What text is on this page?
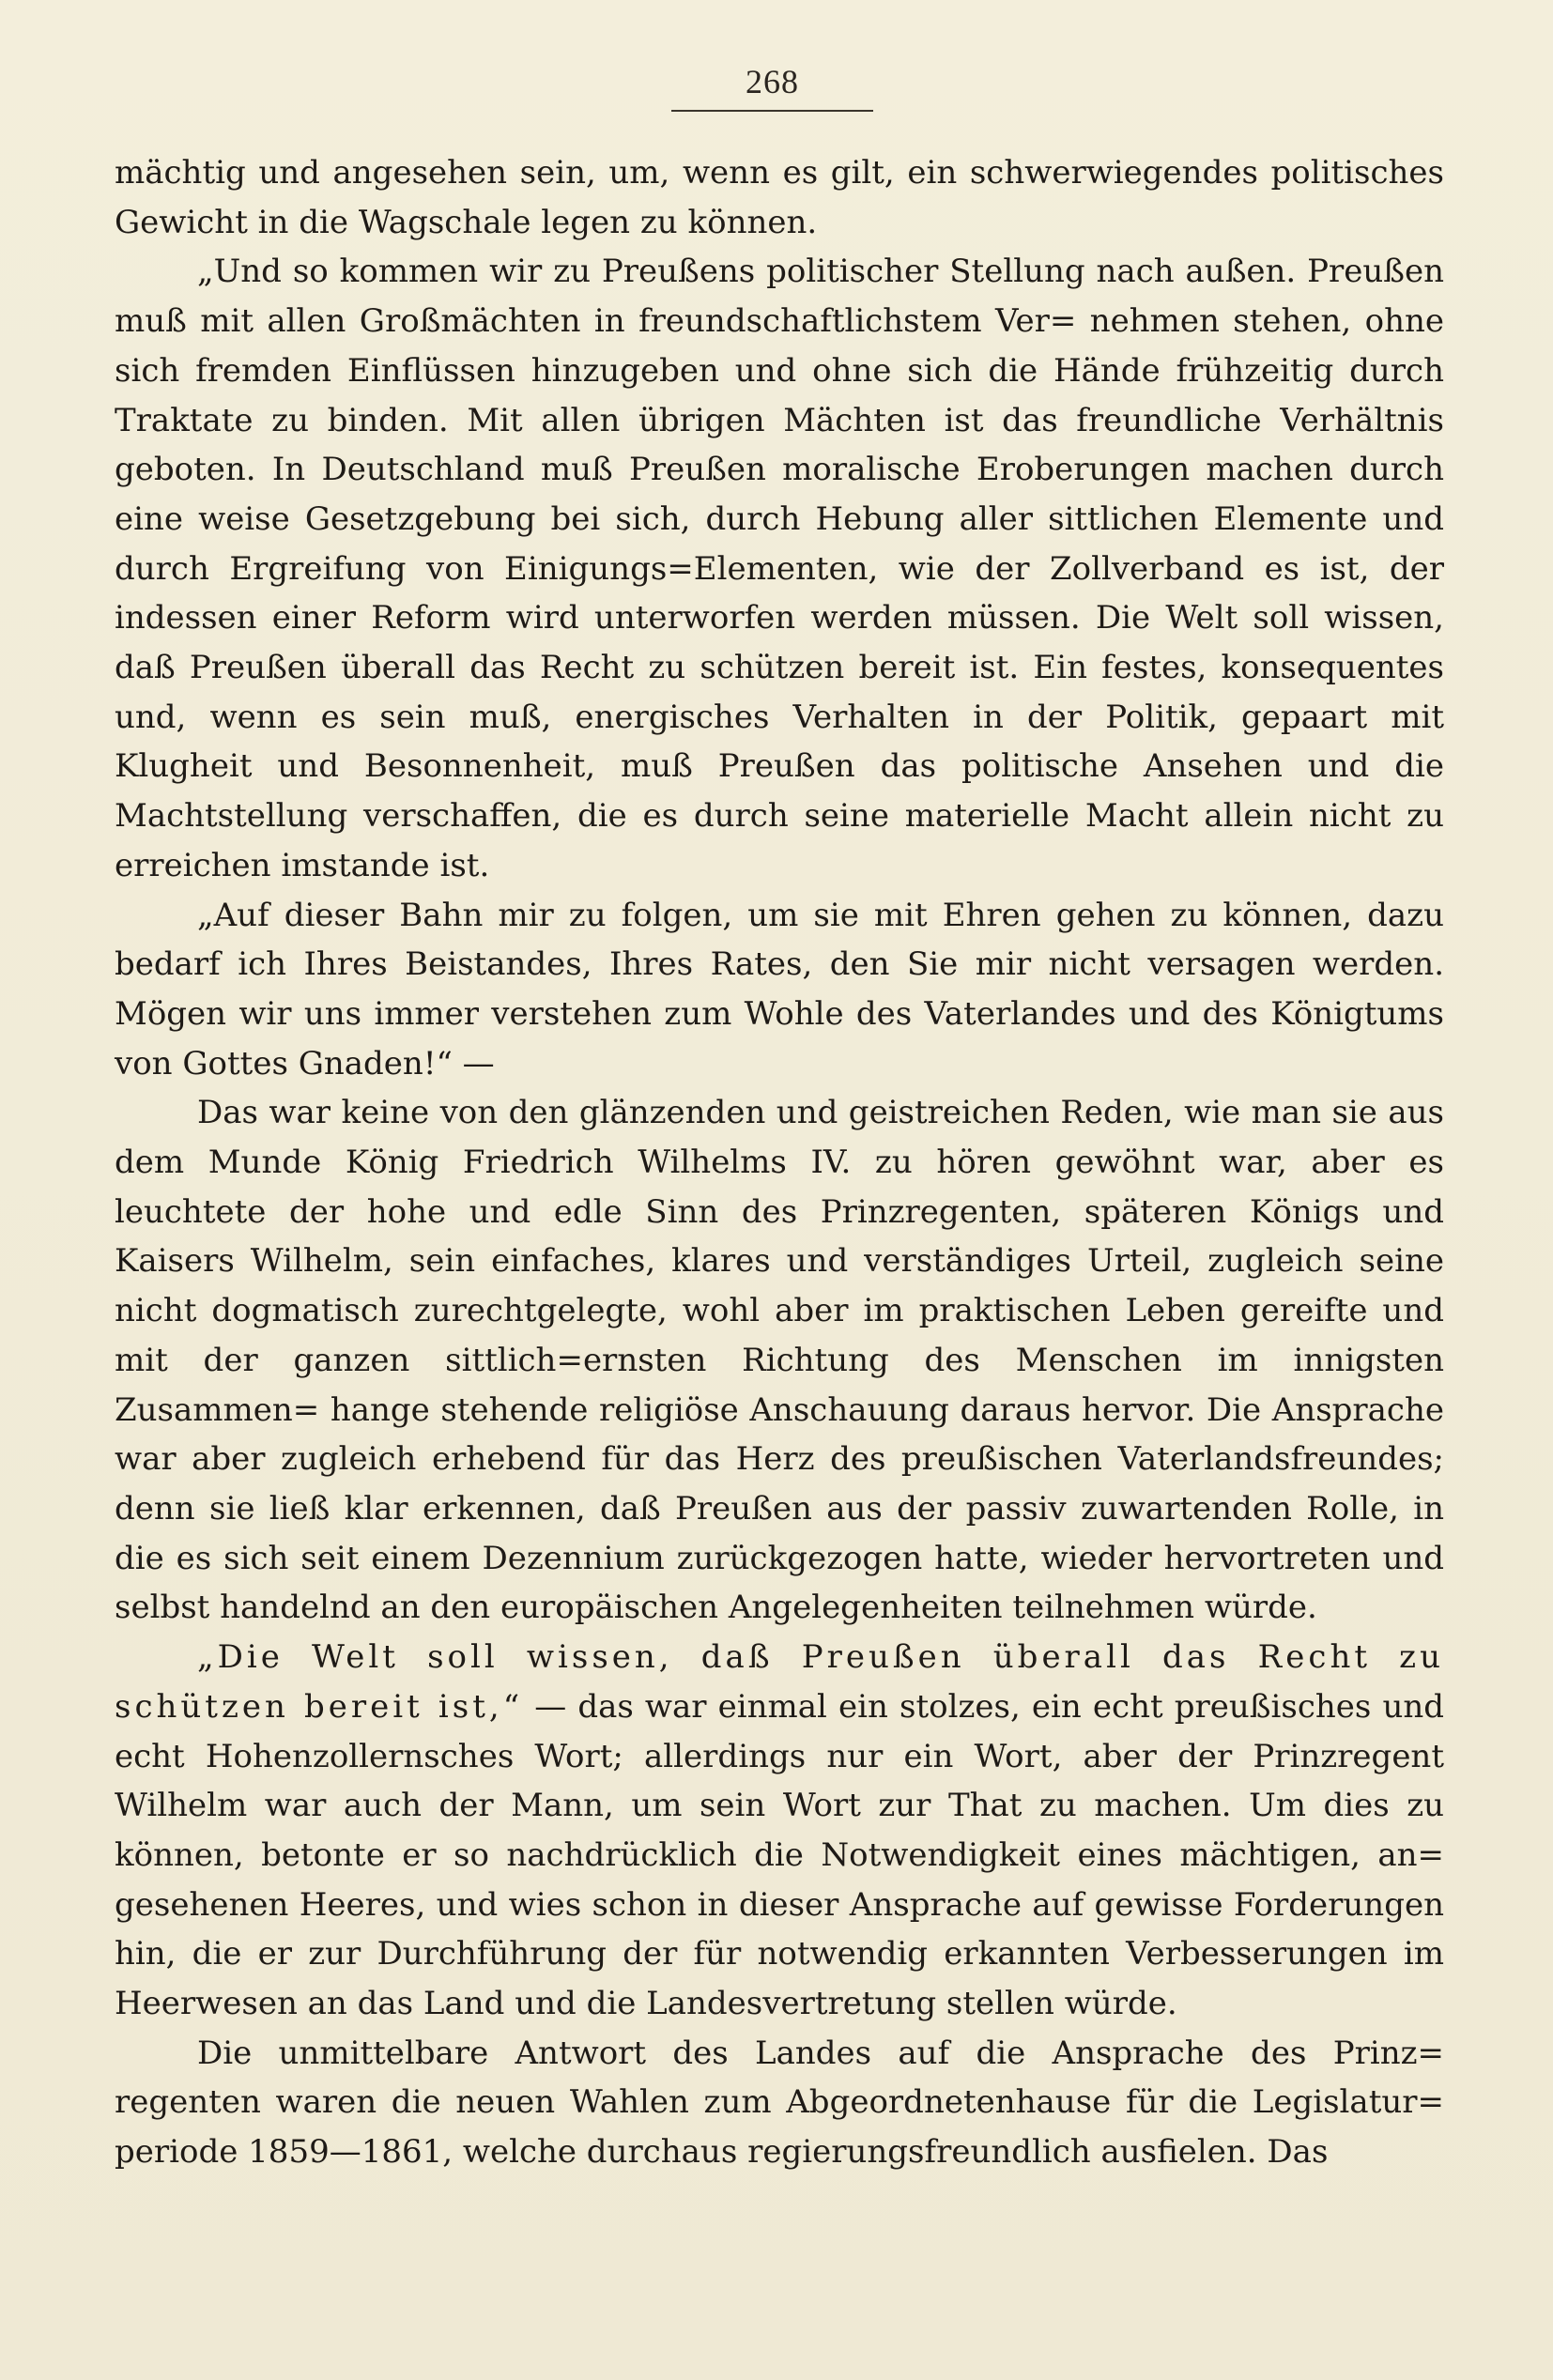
268

mächtig und angesehen sein, um, wenn es gilt, ein schwerwiegendes politisches Gewicht in die Wagschale legen zu können.

„Und so kommen wir zu Preußens politischer Stellung nach außen. Preußen muß mit allen Großmächten in freundschaftlichstem Ver= nehmen stehen, ohne sich fremden Einflüssen hinzugeben und ohne sich die Hände frühzeitig durch Traktate zu binden. Mit allen übrigen Mächten ist das freundliche Verhältnis geboten. In Deutschland muß Preußen moralische Eroberungen machen durch eine weise Gesetzgebung bei sich, durch Hebung aller sittlichen Elemente und durch Ergreifung von Einigungs=Elementen, wie der Zollverband es ist, der indessen einer Reform wird unterworfen werden müssen. Die Welt soll wissen, daß Preußen überall das Recht zu schützen bereit ist. Ein festes, konsequentes und, wenn es sein muß, energisches Verhalten in der Politik, gepaart mit Klugheit und Besonnenheit, muß Preußen das politische Ansehen und die Machtstellung verschaffen, die es durch seine materielle Macht allein nicht zu erreichen imstande ist.

„Auf dieser Bahn mir zu folgen, um sie mit Ehren gehen zu können, dazu bedarf ich Ihres Beistandes, Ihres Rates, den Sie mir nicht versagen werden. Mögen wir uns immer verstehen zum Wohle des Vaterlandes und des Königtums von Gottes Gnaden!“ —

Das war keine von den glänzenden und geistreichen Reden, wie man sie aus dem Munde König Friedrich Wilhelms IV. zu hören gewöhnt war, aber es leuchtete der hohe und edle Sinn des Prinzregenten, späteren Königs und Kaisers Wilhelm, sein einfaches, klares und verständiges Urteil, zugleich seine nicht dogmatisch zurechtgelegte, wohl aber im praktischen Leben gereifte und mit der ganzen sittlich=ernsten Richtung des Menschen im innigsten Zusammen= hange stehende religiöse Anschauung daraus hervor. Die Ansprache war aber zugleich erhebend für das Herz des preußischen Vaterlandsfreundes; denn sie ließ klar erkennen, daß Preußen aus der passiv zuwartenden Rolle, in die es sich seit einem Dezennium zurückgezogen hatte, wieder hervortreten und selbst handelnd an den europäischen Angelegenheiten teilnehmen würde.

„Die Welt soll wissen, daß Preußen überall das Recht zu schützen bereit ist,“ — das war einmal ein stolzes, ein echt preußisches und echt Hohenzollernsches Wort; allerdings nur ein Wort, aber der Prinzregent Wilhelm war auch der Mann, um sein Wort zur That zu machen. Um dies zu können, betonte er so nachdrücklich die Notwendigkeit eines mächtigen, an= gesehenen Heeres, und wies schon in dieser Ansprache auf gewisse Forderungen hin, die er zur Durchführung der für notwendig erkannten Verbesserungen im Heerwesen an das Land und die Landesvertretung stellen würde.

Die unmittelbare Antwort des Landes auf die Ansprache des Prinz= regenten waren die neuen Wahlen zum Abgeordnetenhause für die Legislatur= periode 1859—1861, welche durchaus regierungsfreundlich ausfielen. Das
